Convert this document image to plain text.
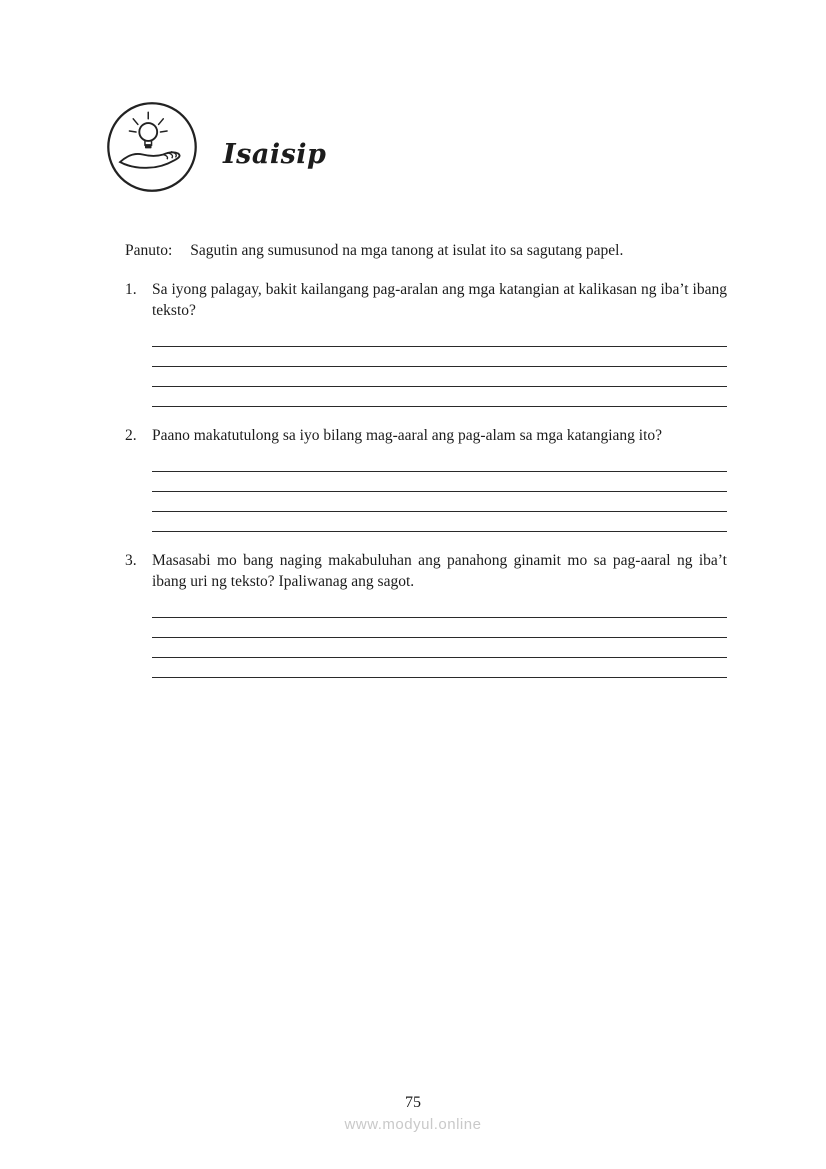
Isaisip

Panuto: Sagutin ang sumusunod na mga tanong at isulat ito sa sagutang papel.

1. Sa iyong palagay, bakit kailangang pag-aralan ang mga katangian at kalikasan ng iba’t ibang teksto?

2. Paano makatutulong sa iyo bilang mag-aaral ang pag-alam sa mga katangiang ito?

3. Masasabi mo bang naging makabuluhan ang panahong ginamit mo sa pag-aaral ng iba’t ibang uri ng teksto? Ipaliwanag ang sagot.

75
www.modyul.online
